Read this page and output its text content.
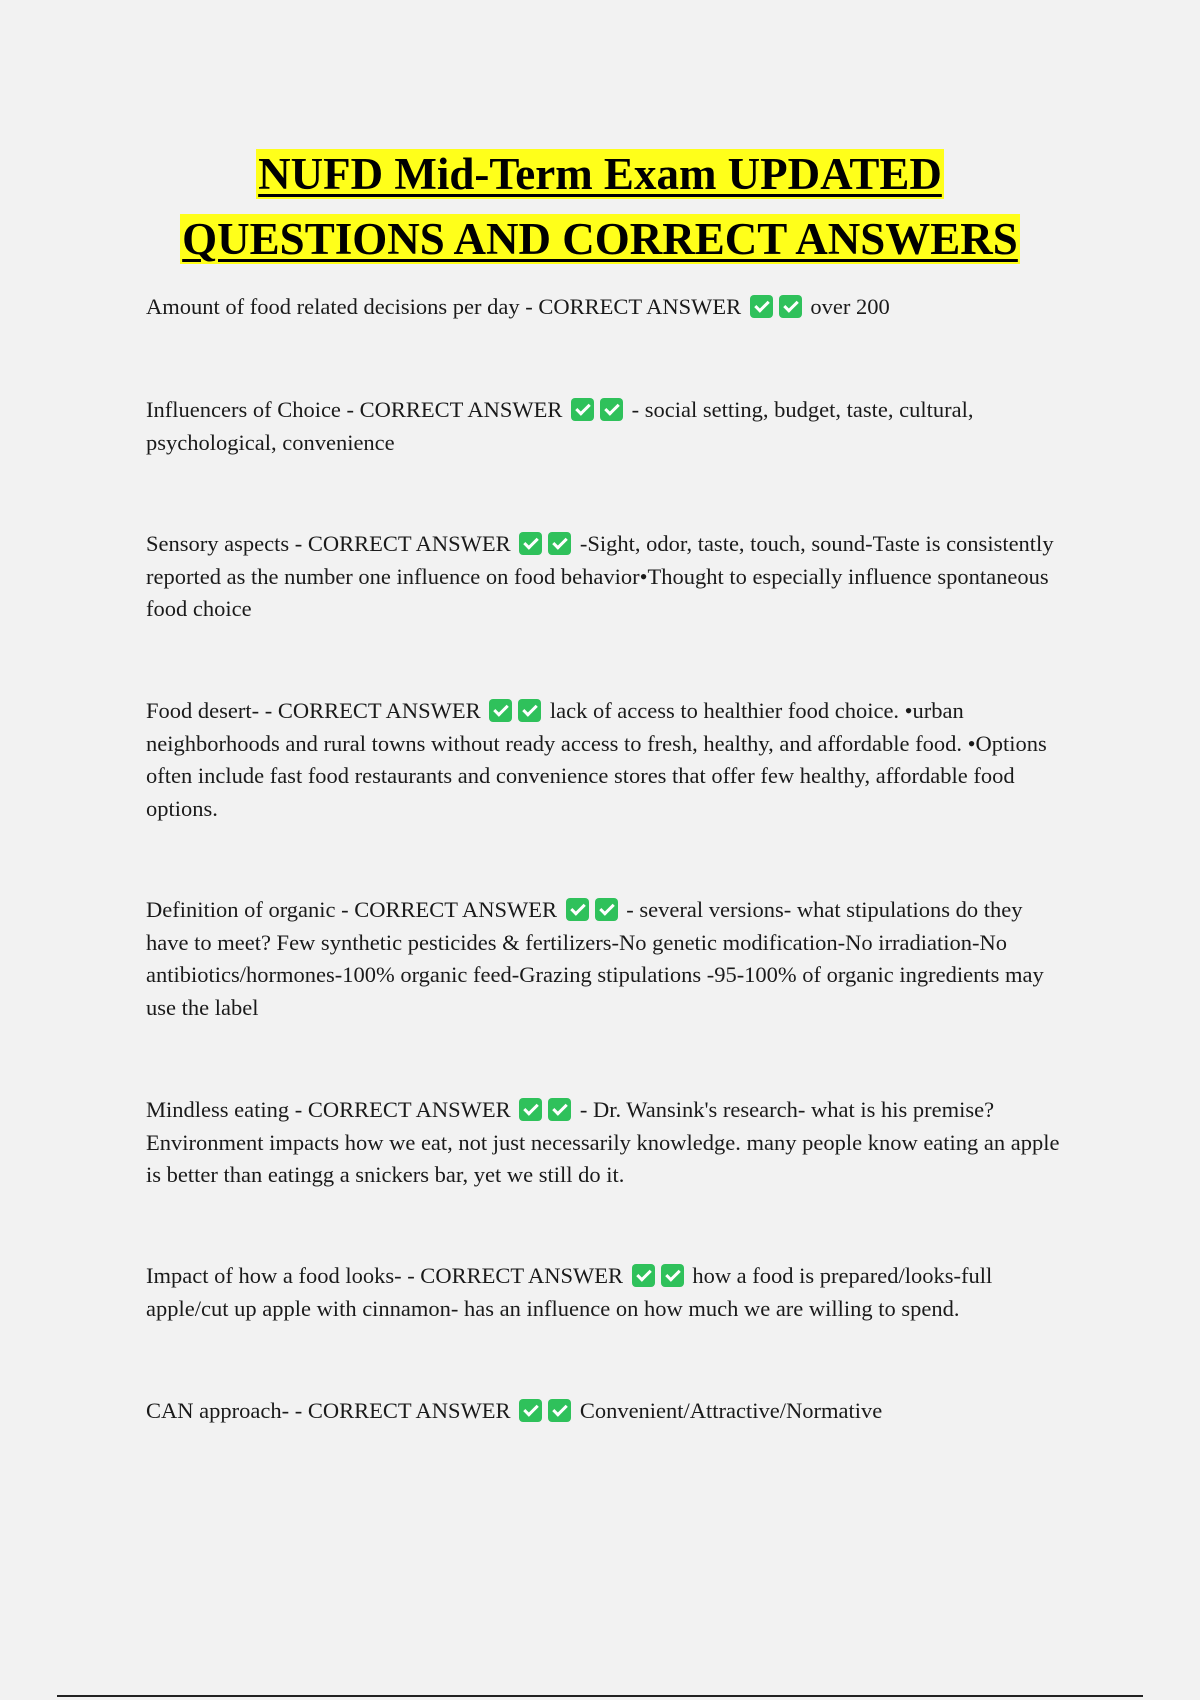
NUFD Mid-Term Exam UPDATED
QUESTIONS AND CORRECT ANSWERS

Amount of food related decisions per day - CORRECT ANSWER	over 200

Influencers of Choice - CORRECT ANSWER	- social setting, budget, taste, cultural, psychological, convenience

Sensory aspects - CORRECT ANSWER	-Sight, odor, taste, touch, sound-Taste is consistently reported as the number one influence on food behavior•Thought to especially influence spontaneous food choice

Food desert- - CORRECT ANSWER	lack of access to healthier food choice. •urban neighborhoods and rural towns without ready access to fresh, healthy, and affordable food. •Options often include fast food restaurants and convenience stores that offer few healthy, affordable food options.

Definition of organic - CORRECT ANSWER	- several versions- what stipulations do they have to meet? Few synthetic pesticides & fertilizers-No genetic modification-No irradiation-No antibiotics/hormones-100% organic feed-Grazing stipulations -95-100% of organic ingredients may use the label

Mindless eating - CORRECT ANSWER	- Dr. Wansink's research- what is his premise? Environment impacts how we eat, not just necessarily knowledge. many people know eating an apple is better than eatingg a snickers bar, yet we still do it.

Impact of how a food looks- - CORRECT ANSWER	how a food is prepared/looks-full apple/cut up apple with cinnamon- has an influence on how much we are willing to spend.

CAN approach- - CORRECT ANSWER	Convenient/Attractive/Normative
